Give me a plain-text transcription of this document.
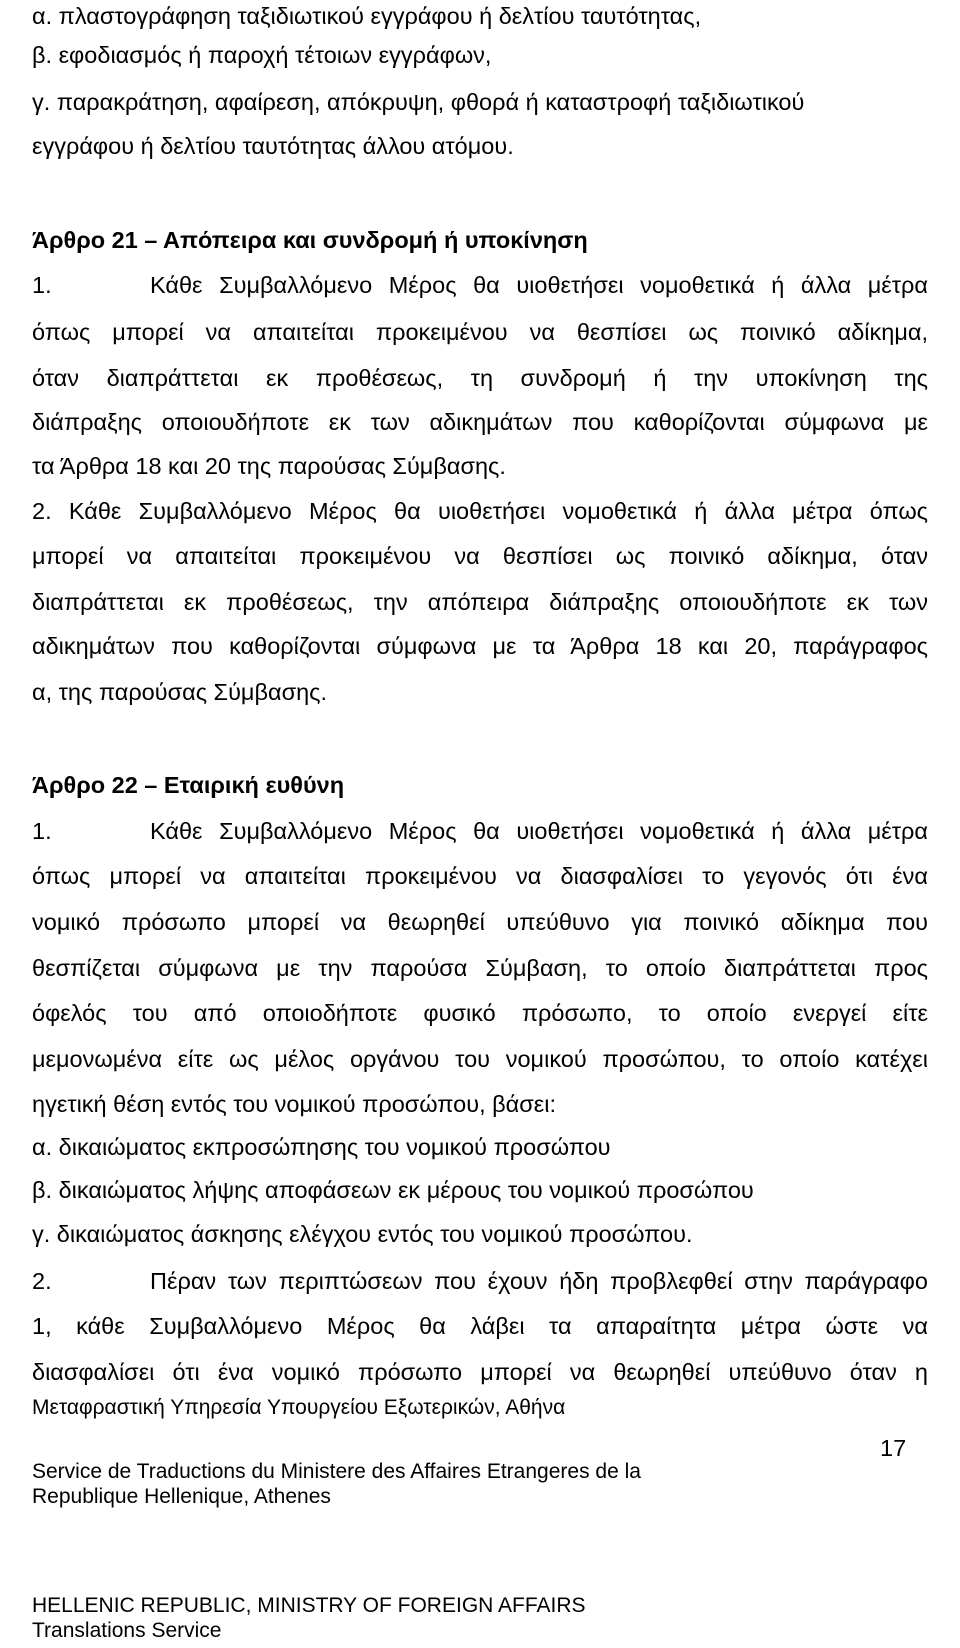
α. πλαστογράφηση ταξιδιωτικού εγγράφου ή δελτίου ταυτότητας,
β. εφοδιασμός ή παροχή τέτοιων εγγράφων,
γ. παρακράτηση, αφαίρεση, απόκρυψη, φθορά ή καταστροφή ταξιδιωτικού
εγγράφου ή δελτίου ταυτότητας άλλου ατόμου.
Άρθρο 21 – Απόπειρα και συνδρομή ή υποκίνηση
1.	Κάθε Συμβαλλόμενο Μέρος θα υιοθετήσει νομοθετικά ή άλλα μέτρα
όπως μπορεί να απαιτείται προκειμένου να θεσπίσει ως ποινικό αδίκημα,
όταν διαπράττεται εκ προθέσεως, τη συνδρομή ή την υποκίνηση της
διάπραξης οποιουδήποτε εκ των αδικημάτων που καθορίζονται σύμφωνα με
τα Άρθρα 18 και 20 της παρούσας Σύμβασης.
2. Κάθε Συμβαλλόμενο Μέρος θα υιοθετήσει νομοθετικά ή άλλα μέτρα όπως
μπορεί να απαιτείται προκειμένου να θεσπίσει ως ποινικό αδίκημα, όταν
διαπράττεται εκ προθέσεως, την απόπειρα διάπραξης οποιουδήποτε εκ των
αδικημάτων που καθορίζονται σύμφωνα με τα Άρθρα 18 και 20, παράγραφος
α, της παρούσας Σύμβασης.
Άρθρο 22 – Εταιρική ευθύνη
1.	Κάθε Συμβαλλόμενο Μέρος θα υιοθετήσει νομοθετικά ή άλλα μέτρα
όπως μπορεί να απαιτείται προκειμένου να διασφαλίσει το γεγονός ότι ένα
νομικό πρόσωπο μπορεί να θεωρηθεί υπεύθυνο για ποινικό αδίκημα που
θεσπίζεται σύμφωνα με την παρούσα Σύμβαση, το οποίο διαπράττεται προς
όφελός του από οποιοδήποτε φυσικό πρόσωπο, το οποίο ενεργεί είτε
μεμονωμένα είτε ως μέλος οργάνου του νομικού προσώπου, το οποίο κατέχει
ηγετική θέση εντός του νομικού προσώπου, βάσει:
α. δικαιώματος εκπροσώπησης του νομικού προσώπου
β. δικαιώματος λήψης αποφάσεων εκ μέρους του νομικού προσώπου
γ. δικαιώματος άσκησης ελέγχου εντός του νομικού προσώπου.
2.	Πέραν των περιπτώσεων που έχουν ήδη προβλεφθεί στην παράγραφο
1, κάθε Συμβαλλόμενο Μέρος θα λάβει τα απαραίτητα μέτρα ώστε να
διασφαλίσει ότι ένα νομικό πρόσωπο μπορεί να θεωρηθεί υπεύθυνο όταν η
Μεταφραστική Υπηρεσία Υπουργείου Εξωτερικών, Αθήνα
17
Service de Traductions du Ministere des Affaires Etrangeres de la
Republique Hellenique, Athenes
HELLENIC REPUBLIC, MINISTRY OF FOREIGN AFFAIRS
Translations Service
